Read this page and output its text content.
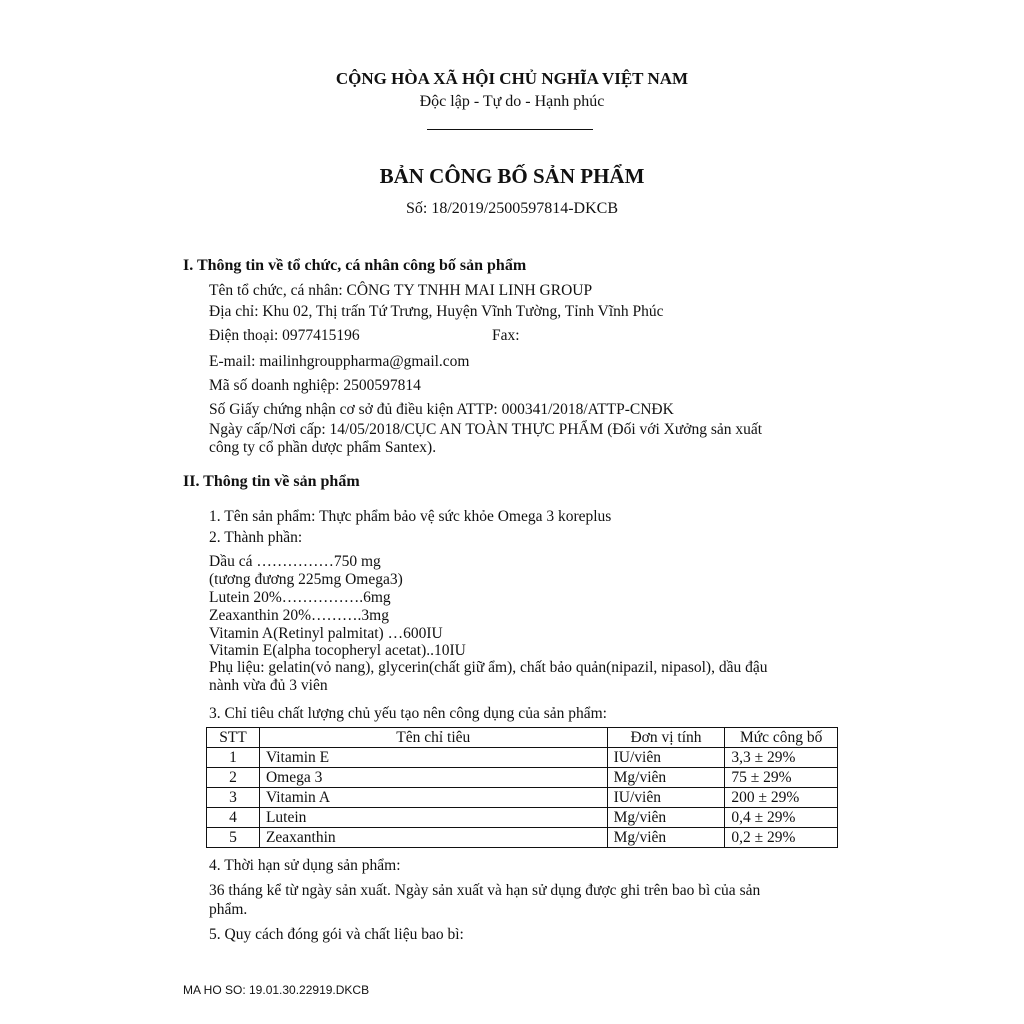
CỘNG HÒA XÃ HỘI CHỦ NGHĨA VIỆT NAM
Độc lập - Tự do - Hạnh phúc
BẢN CÔNG BỐ SẢN PHẨM
Số: 18/2019/2500597814-DKCB
I. Thông tin về tổ chức, cá nhân công bố sản phẩm
Tên tổ chức, cá nhân: CÔNG TY TNHH MAI LINH GROUP
Địa chỉ: Khu 02, Thị trấn Tứ Trưng, Huyện Vĩnh Tường, Tỉnh Vĩnh Phúc
Điện thoại: 0977415196	Fax:
E-mail: mailinhgrouppharma@gmail.com
Mã số doanh nghiệp: 2500597814
Số Giấy chứng nhận cơ sở đủ điều kiện ATTP: 000341/2018/ATTP-CNĐK
Ngày cấp/Nơi cấp: 14/05/2018/CỤC AN TOÀN THỰC PHẨM (Đối với Xưởng sản xuất
công ty cổ phần dược phẩm Santex).
II. Thông tin về sản phẩm
1. Tên sản phẩm: Thực phẩm bảo vệ sức khỏe Omega 3 koreplus
2. Thành phần:
Dầu cá ……………750 mg
(tương đương 225mg Omega3)
Lutein 20%…………….6mg
Zeaxanthin 20%……….3mg
Vitamin A(Retinyl palmitat) …600IU
Vitamin E(alpha tocopheryl acetat)..10IU
Phụ liệu: gelatin(vỏ nang), glycerin(chất giữ ẩm), chất bảo quản(nipazil, nipasol), dầu đậu
nành vừa đủ 3 viên
3. Chỉ tiêu chất lượng chủ yếu tạo nên công dụng của sản phẩm:
STT	Tên chỉ tiêu	Đơn vị tính	Mức công bố
1	Vitamin E	IU/viên	3,3 ± 29%
2	Omega 3	Mg/viên	75 ± 29%
3	Vitamin A	IU/viên	200 ± 29%
4	Lutein	Mg/viên	0,4 ± 29%
5	Zeaxanthin	Mg/viên	0,2 ± 29%
4. Thời hạn sử dụng sản phẩm:
36 tháng kể từ ngày sản xuất. Ngày sản xuất và hạn sử dụng được ghi trên bao bì của sản
phẩm.
5. Quy cách đóng gói và chất liệu bao bì:
MA HO SO: 19.01.30.22919.DKCB
